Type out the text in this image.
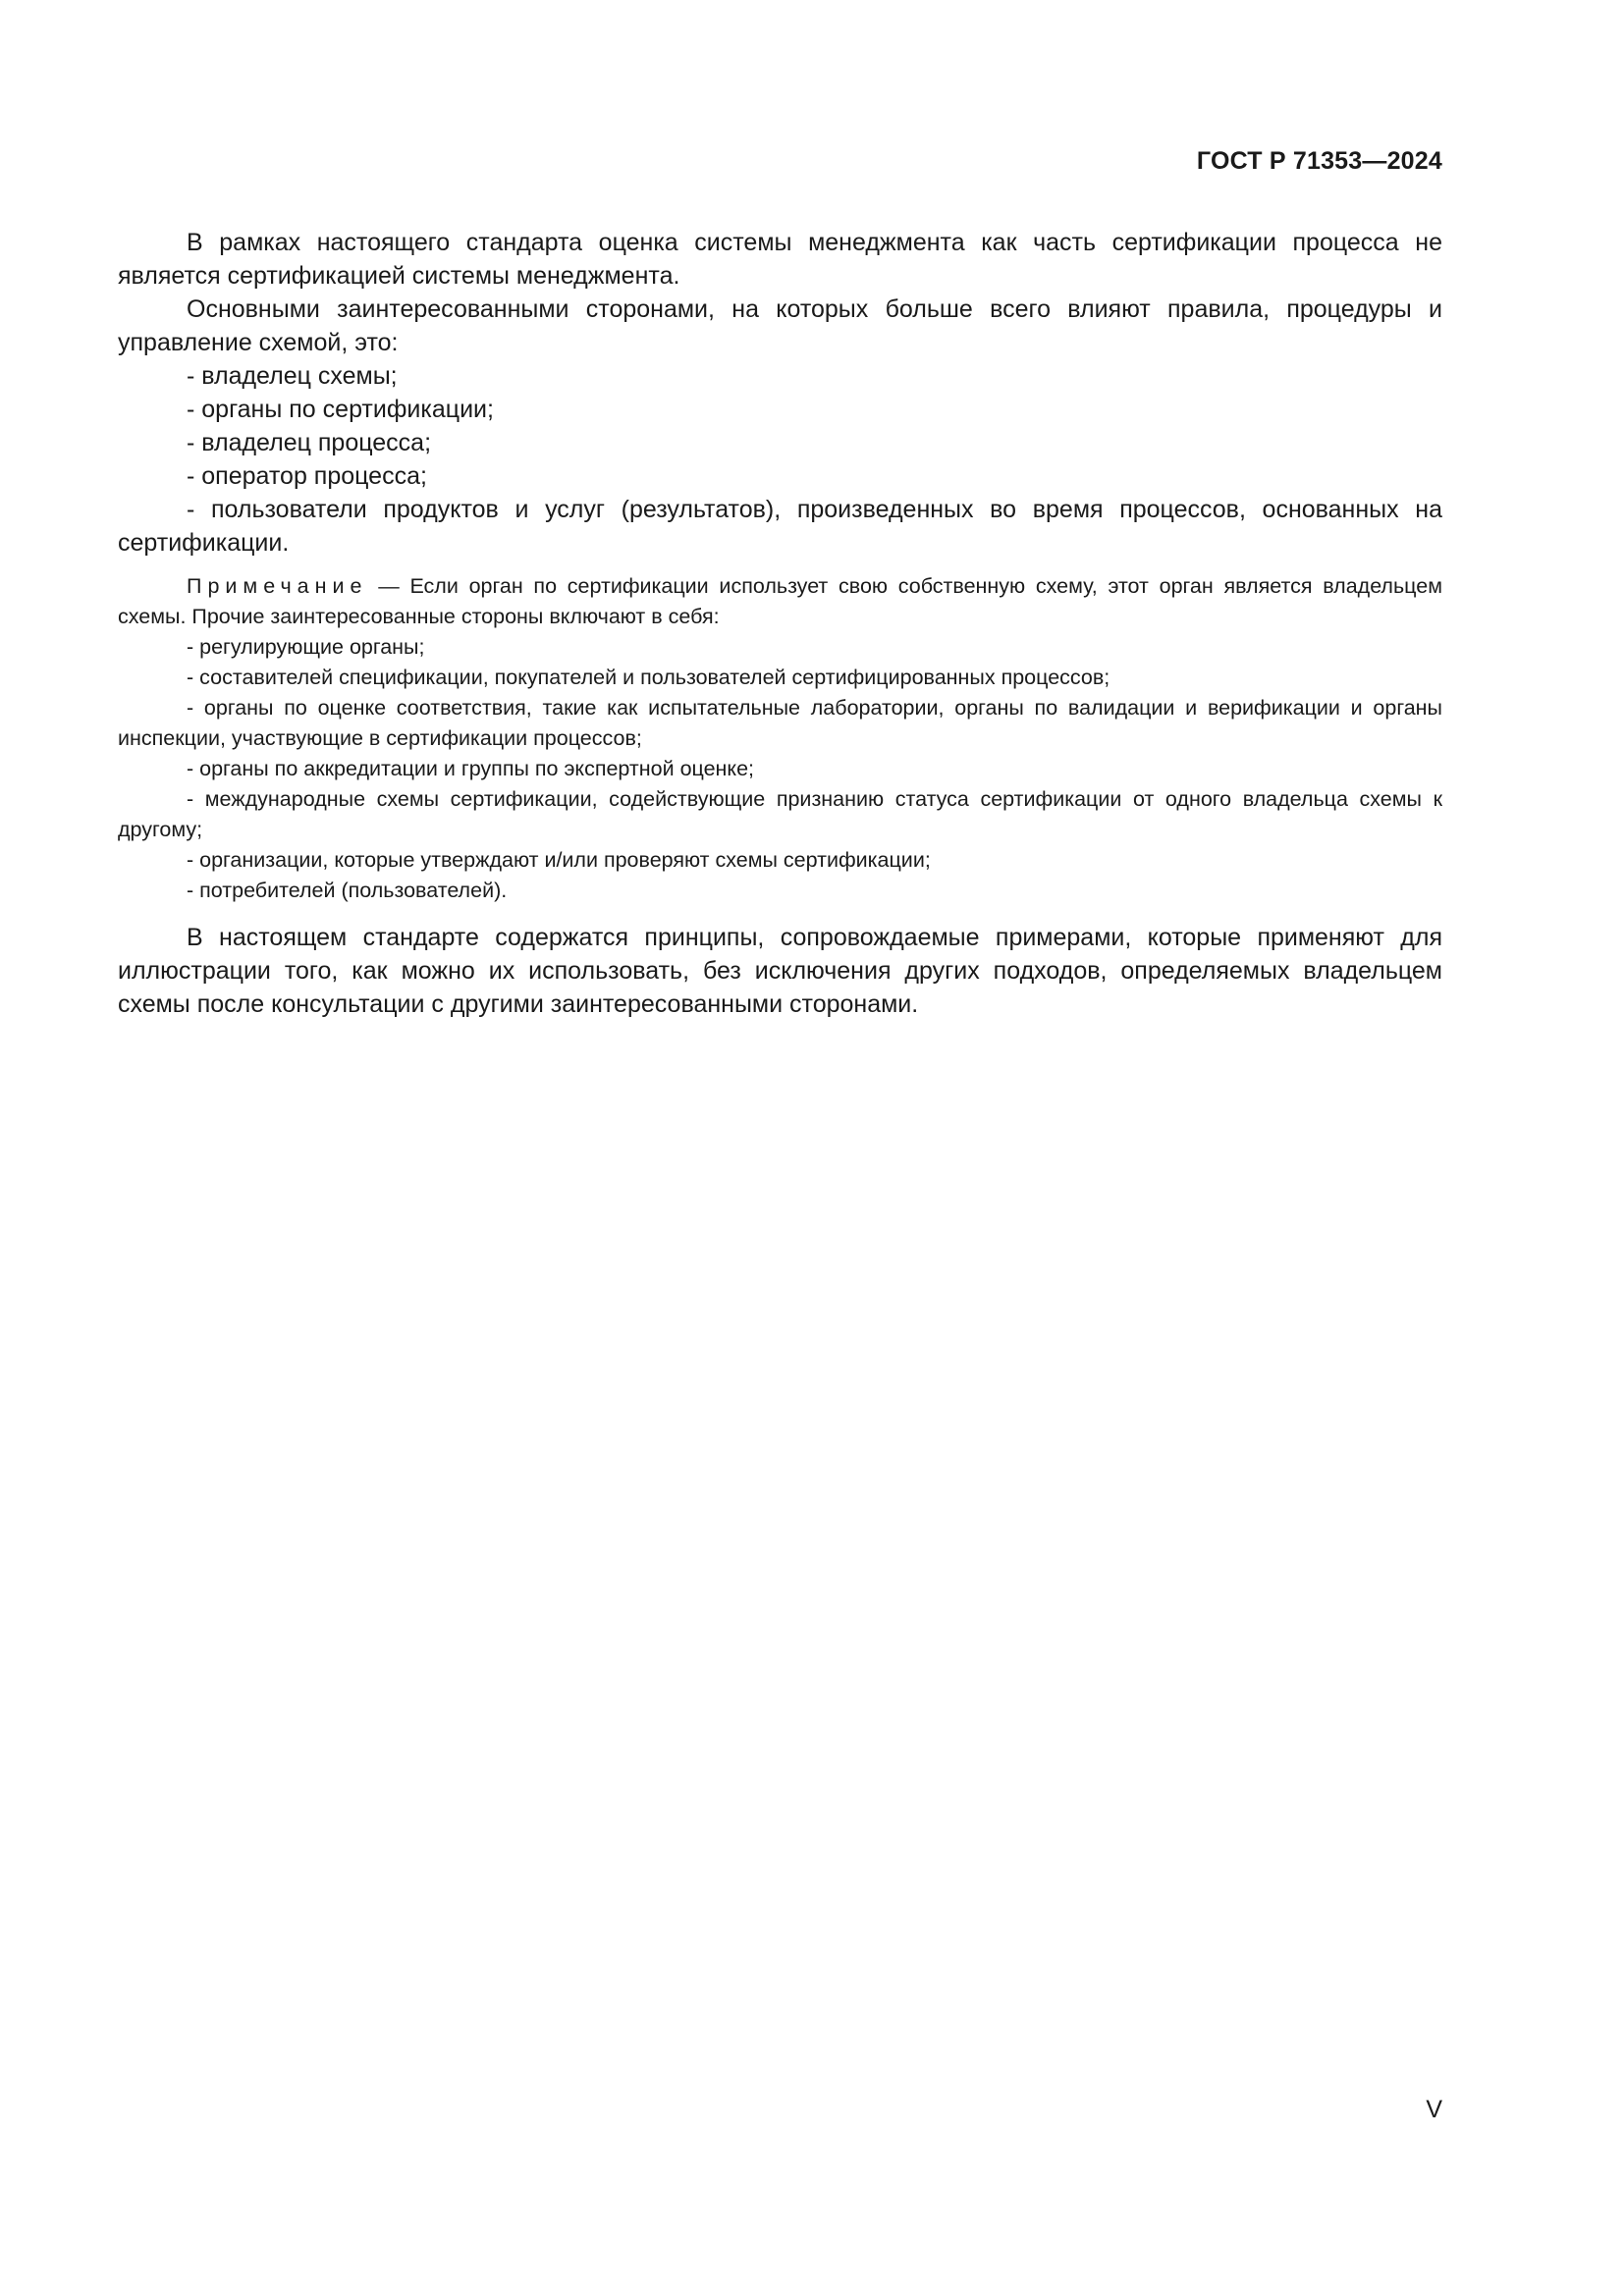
ГОСТ Р 71353—2024

В рамках настоящего стандарта оценка системы менеджмента как часть сертификации процесса не является сертификацией системы менеджмента.

Основными заинтересованными сторонами, на которых больше всего влияют правила, процедуры и управление схемой, это:

- владелец схемы;

- органы по сертификации;

- владелец процесса;

- оператор процесса;

- пользователи продуктов и услуг (результатов), произведенных во время процессов, основанных на сертификации.

Примечание — Если орган по сертификации использует свою собственную схему, этот орган является владельцем схемы. Прочие заинтересованные стороны включают в себя:

- регулирующие органы;

- составителей спецификации, покупателей и пользователей сертифицированных процессов;

- органы по оценке соответствия, такие как испытательные лаборатории, органы по валидации и верификации и органы инспекции, участвующие в сертификации процессов;

- органы по аккредитации и группы по экспертной оценке;

- международные схемы сертификации, содействующие признанию статуса сертификации от одного владельца схемы к другому;

- организации, которые утверждают и/или проверяют схемы сертификации;

- потребителей (пользователей).

В настоящем стандарте содержатся принципы, сопровождаемые примерами, которые применяют для иллюстрации того, как можно их использовать, без исключения других подходов, определяемых владельцем схемы после консультации с другими заинтересованными сторонами.

V
